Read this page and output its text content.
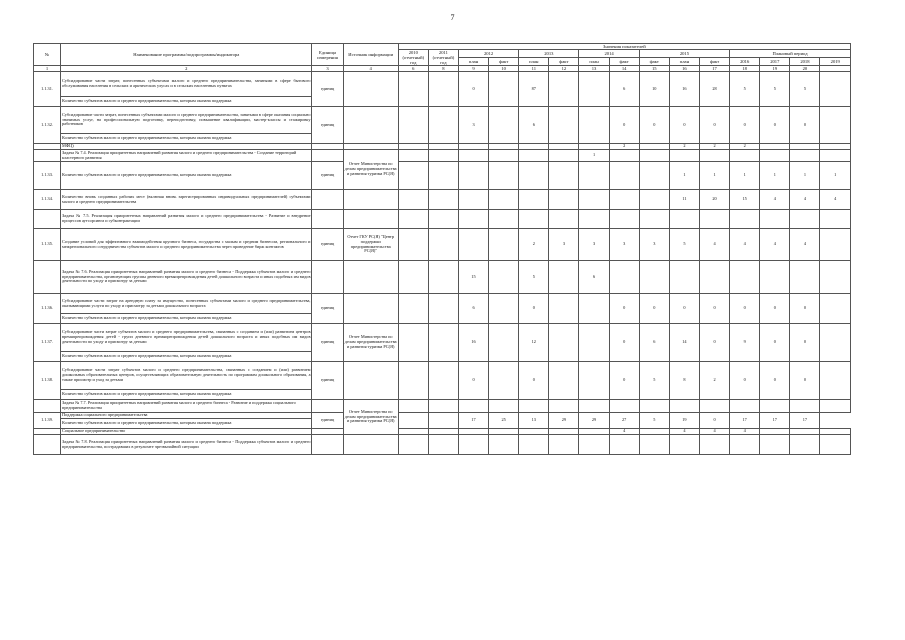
7
№	Наименование программы/подпрограммы/индикатора	Единица измерения	Источник информации	Значения показателей														
				2010 (отчетный) год	2011 (отчетный) год	2012		2013		2014		2015			Плановый период			
						план	факт	план	факт	план	факт	факт	план	факт	2016	2017	2018	2019
1	2	3	4	6	8	9	10	11	12	13	14	15	16	17	18	19	20	
1.1.31.	Субсидирование части затрат, понесенных субъектами малого и среднего предпринимательства, занятыми в сфере бытового обслуживания населения в сельских и арктических улусах и в сельских населенных пунктах	единиц				0		87			6	10	16	28	5	5	5	
	Количество субъектов малого и среднего предпринимательства, которым оказана поддержка																	
1.1.32.	Субсидирование части затрат, понесенных субъектами малого и среднего предпринимательства, занятыми в сфере оказания социально значимых услуг, на профессиональную подготовку, переподготовку, повышение квалификации, мастер-классы и стажировку работников	единиц				3		6			0	0	0	0	0	0	0	
	Количество субъектов малого и среднего предпринимательства, которым оказана поддержка																	
	МФЦ)										2		2	2	2			
	Задача № 7.4. Реализация приоритетных направлений развития малого и среднего предпринимательства - Создание территорий кластерного развития		Отчет Министерства по делам предпринимательства и развития туризма РС(Я)							1								
1.1.33.	Количество субъектов малого и среднего предпринимательства, которым оказана поддержка	единиц											1	1	1	1	1	1
1.1.34.	Количество вновь созданных рабочих мест (включая вновь зарегистрированных индивидуальных предпринимателей) субъектами малого и среднего предпринимательства												11	20	15	4	4	4
	Задача № 7.5. Реализация приоритетных направлений развития малого и среднего предпринимательства - Развитие и внедрение процессов аутсорсинга и субконтрактации																	
1.1.35.	Создание условий для эффективного взаимодействия крупного бизнеса, государства с малым и средним бизнесом, регионального и межрегионального сотрудничества субъектов малого и среднего предпринимательства через проведение бирж контактов	единиц	Отчет ГКУ РС(Я) "Центр поддержки предпринимательства РС(Я)"					2	3	3	3	3	5	4	4	4	4	
	Задача № 7.6. Реализация приоритетных направлений развития малого и среднего бизнеса - Поддержка субъектов малого и среднего предпринимательства, организующих группы дневного времяпрепровождения детей дошкольного возраста и иных подобных им видов деятельности по уходу и присмотру за детьми					15		5		6								
1.1.36.	Субсидирование части затрат на арендную плату за имущество, понесенных субъектами малого и среднего предпринимательства, оказывающими услуги по уходу и присмотру за детьми дошкольного возраста	единиц				6		0			0	0	0	0	0	0	0	
	Количество субъектов малого и среднего предпринимательства, которым оказана поддержка																	
1.1.37.	Субсидирование части затрат субъектов малого и среднего предпринимательства, связанных с созданием и (или) развитием центров времяпрепровождения детей - групп дневного времяпрепровождения детей дошкольного возраста и иных подобных им видов деятельности по уходу и присмотру за детьми	единиц	Отчет Министерства по делам предпринимательства и развития туризма РС(Я)			16		12			0	6	14	0	9	0	0	
	Количество субъектов малого и среднего предпринимательства, которым оказана поддержка																	
1.1.38.	Субсидирование части затрат субъектов малого и среднего предпринимательства, связанных с созданием и (или) развитием дошкольных образовательных центров, осуществляющих образовательную деятельность по программам дошкольного образования, а также присмотр и уход за детьми	единиц				0		0			0	5	8	2	0	0	0	
	Количество субъектов малого и среднего предпринимательства, которым оказана поддержка																	
	Задача № 7.7. Реализация приоритетных направлений развития малого и среднего бизнеса - Развитие и поддержка социального предпринимательства		Отчет Министерства по делам предпринимательства и развития туризма РС(Я)															
1.1.39.	Поддержка социального предпринимательства	единиц				17	25	13	29	29	27	5	19	0	17	17	17	
	Количество субъектов малого и среднего предпринимательства, которым оказана поддержка																	
	Социальное предпринимательство										4		4	4	4			
	Задача № 7.8. Реализация приоритетных направлений развития малого и среднего бизнеса - Поддержка субъектов малого и среднего предпринимательства, пострадавших в результате чрезвычайной ситуации																	
